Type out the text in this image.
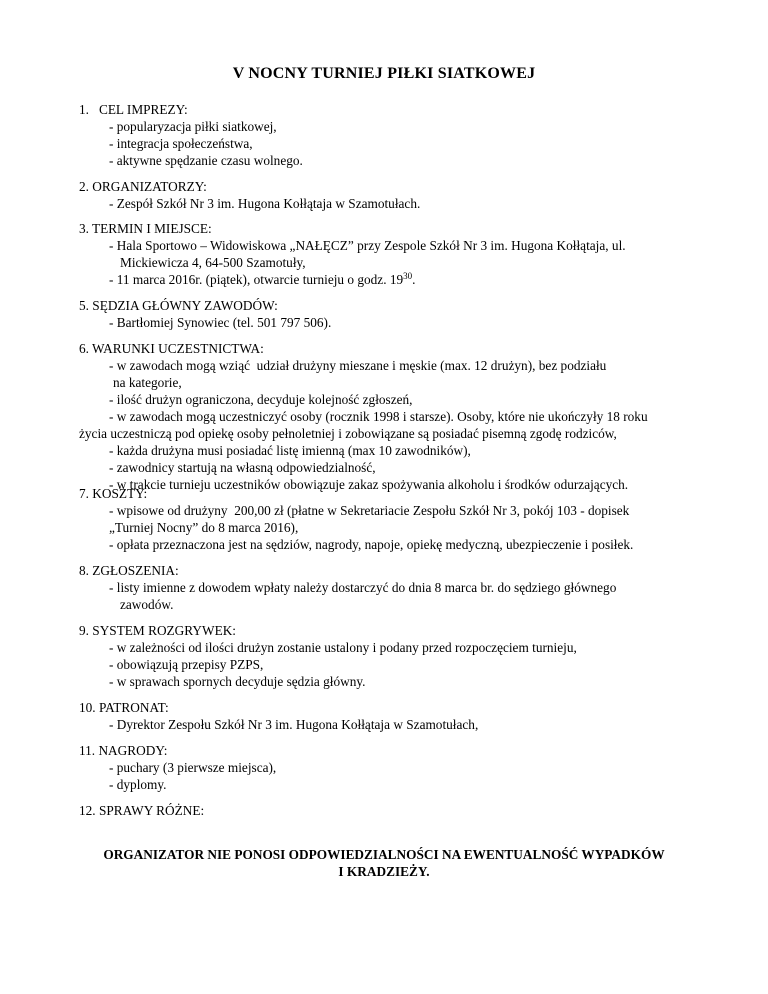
V NOCNY TURNIEJ PIŁKI SIATKOWEJ
1.   CEL IMPREZY:
- popularyzacja piłki siatkowej,
- integracja społeczeństwa,
- aktywne spędzanie czasu wolnego.
2. ORGANIZATORZY:
- Zespół Szkół Nr 3 im. Hugona Kołłątaja w Szamotułach.
3. TERMIN I MIEJSCE:
- Hala Sportowo – Widowiskowa „NAŁĘCZ” przy Zespole Szkół Nr 3 im. Hugona Kołłątaja, ul.
Mickiewicza 4, 64-500 Szamotuły,
- 11 marca 2016r. (piątek), otwarcie turnieju o godz. $19^{30}$.
5. SĘDZIA GŁÓWNY ZAWODÓW:
- Bartłomiej Synowiec (tel. 501 797 506).
6. WARUNKI UCZESTNICTWA:
- w zawodach mogą wziąć  udział drużyny mieszane i męskie (max. 12 drużyn), bez podziału
na kategorie,
- ilość drużyn ograniczona, decyduje kolejność zgłoszeń,
- w zawodach mogą uczestniczyć osoby (rocznik 1998 i starsze). Osoby, które nie ukończyły 18 roku
życia uczestniczą pod opiekę osoby pełnoletniej i zobowiązane są posiadać pisemną zgodę rodziców,
- każda drużyna musi posiadać listę imienną (max 10 zawodników),
- zawodnicy startują na własną odpowiedzialność,
- w trakcie turnieju uczestników obowiązuje zakaz spożywania alkoholu i środków odurzających.
7. KOSZTY:
- wpisowe od drużyny  200,00 zł (płatne w Sekretariacie Zespołu Szkół Nr 3, pokój 103 - dopisek
„Turniej Nocny” do 8 marca 2016),
- opłata przeznaczona jest na sędziów, nagrody, napoje, opiekę medyczną, ubezpieczenie i posiłek.
8. ZGŁOSZENIA:
- listy imienne z dowodem wpłaty należy dostarczyć do dnia 8 marca br. do sędziego głównego
zawodów.
9. SYSTEM ROZGRYWEK:
- w zależności od ilości drużyn zostanie ustalony i podany przed rozpoczęciem turnieju,
- obowiązują przepisy PZPS,
- w sprawach spornych decyduje sędzia główny.
10. PATRONAT:
- Dyrektor Zespołu Szkół Nr 3 im. Hugona Kołłątaja w Szamotułach,
11. NAGRODY:
- puchary (3 pierwsze miejsca),
- dyplomy.
12. SPRAWY RÓŻNE:
ORGANIZATOR NIE PONOSI ODPOWIEDZIALNOŚCI NA EWENTUALNOŚĆ WYPADKÓW
I KRADZIEŻY.
